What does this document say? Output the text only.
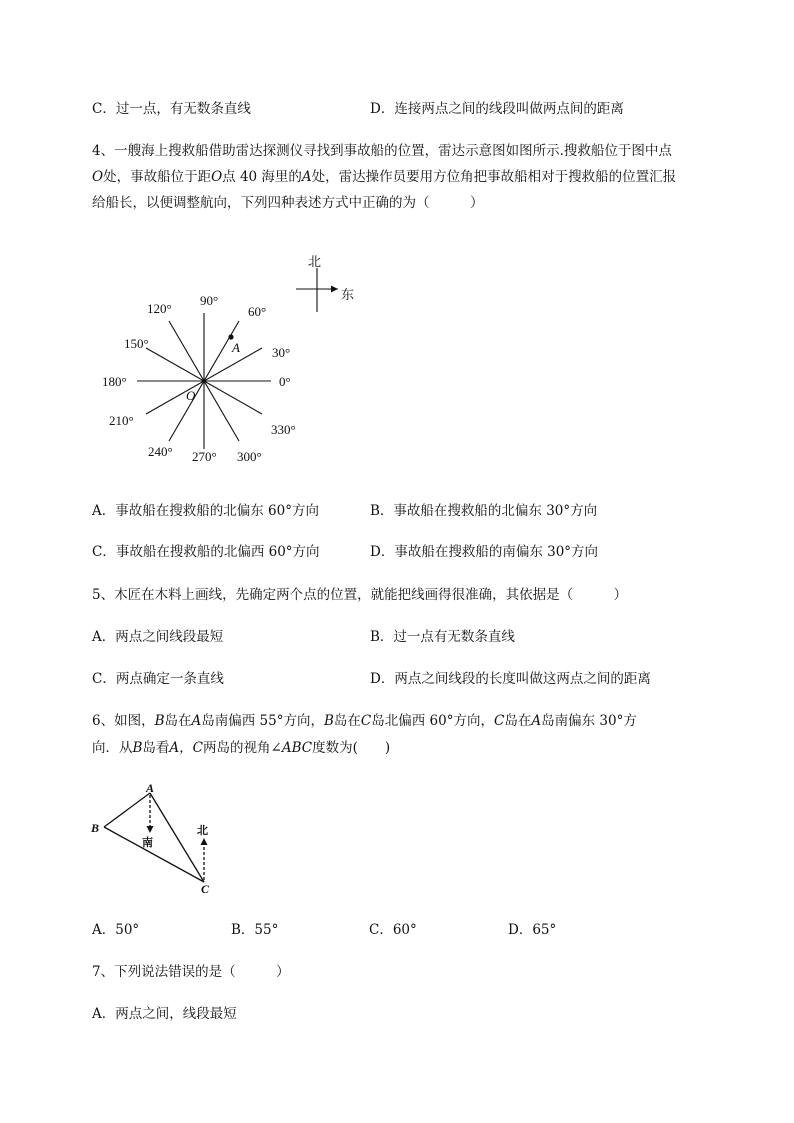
C．过一点，有无数条直线	D．连接两点之间的线段叫做两点间的距离
4、一艘海上搜救船借助雷达探测仪寻找到事故船的位置，雷达示意图如图所示.搜救船位于图中点
O处，事故船位于距O点 40 海里的A处，雷达操作员要用方位角把事故船相对于搜救船的位置汇报
给船长，以便调整航向，下列四种表述方式中正确的为（　　　）
北
东
O
A
0°
30°
60°
90°
120°
150°
180°
210°
240° 270° 300°
330°
A．事故船在搜救船的北偏东 60°方向	B．事故船在搜救船的北偏东 30°方向
C．事故船在搜救船的北偏西 60°方向	D．事故船在搜救船的南偏东 30°方向
5、木匠在木料上画线，先确定两个点的位置，就能把线画得很准确，其依据是（　　　）
A．两点之间线段最短	B．过一点有无数条直线
C．两点确定一条直线	D．两点之间线段的长度叫做这两点之间的距离
6、如图，B岛在A岛南偏西 55°方向，B岛在C岛北偏西 60°方向，C岛在A岛南偏东 30°方
向．从B岛看A，C两岛的视角∠ABC度数为(　　)
A
B
C
南
北
A．50°	B．55°	C．60°	D．65°
7、下列说法错误的是（　　　）
A．两点之间，线段最短
